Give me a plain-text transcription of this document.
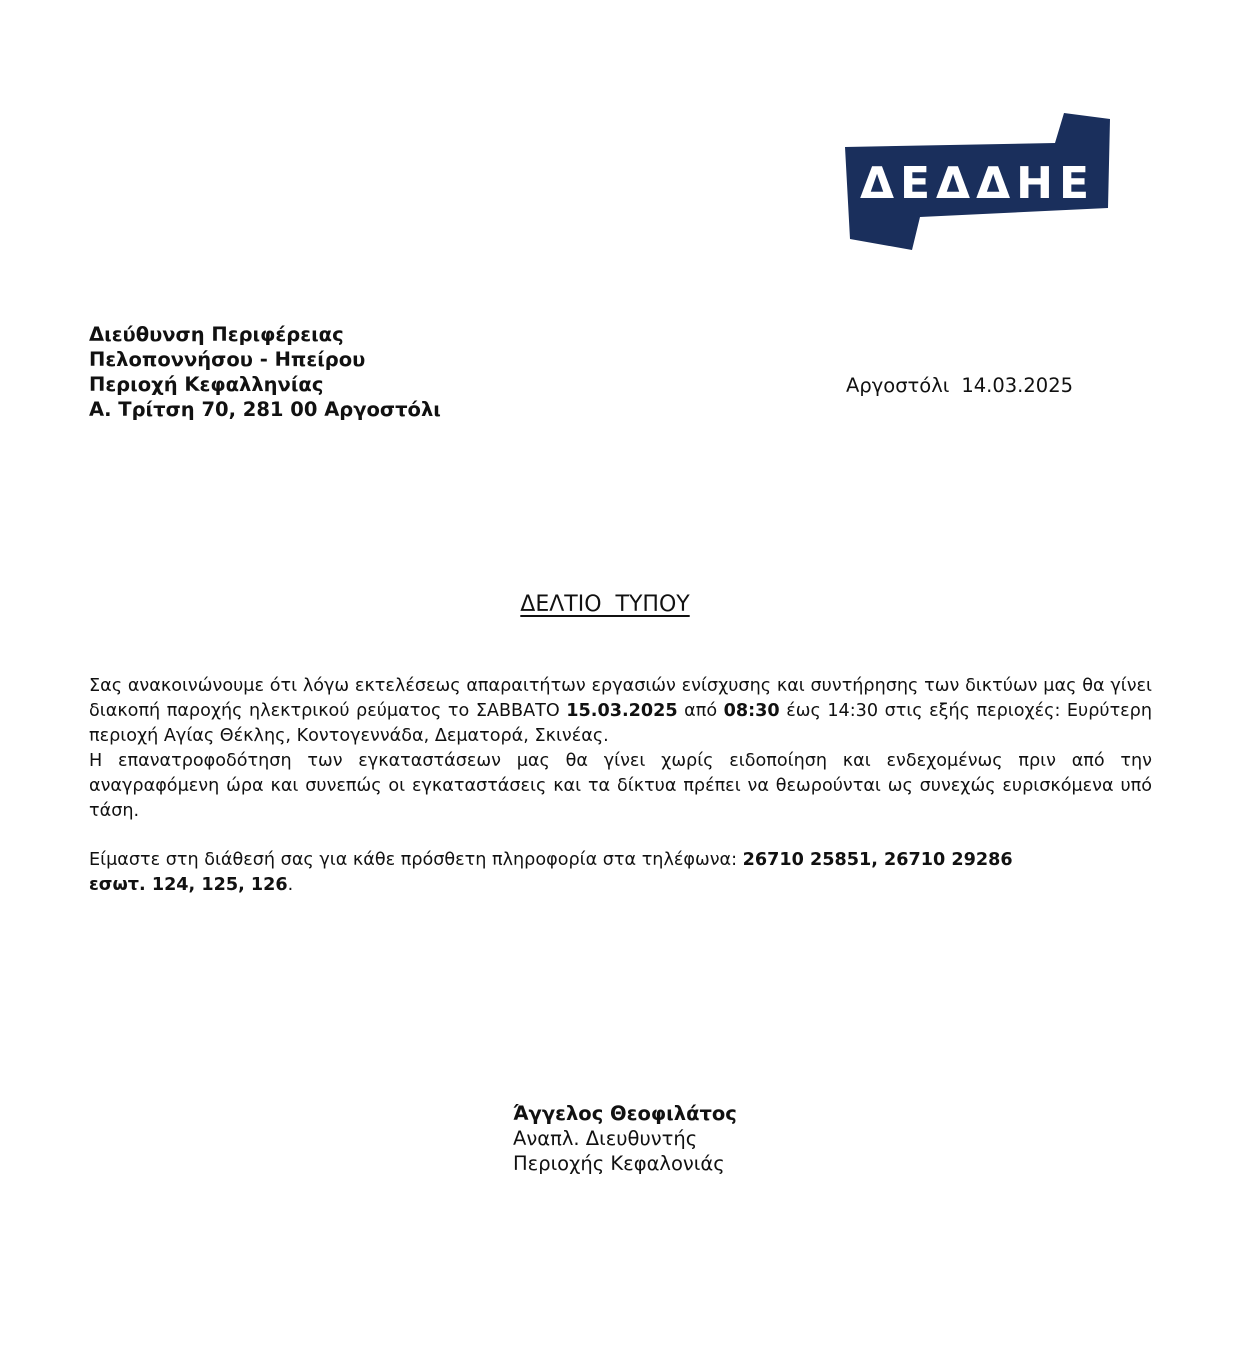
ΔΕΔΔΗΕ
Διεύθυνση Περιφέρειας
Πελοποννήσου - Ηπείρου
Περιοχή Κεφαλληνίας
Α. Τρίτση 70, 281 00 Αργοστόλι
Αργοστόλι 14.03.2025
ΔΕΛΤΙΟ  ΤΥΠΟΥ

Σας ανακοινώνουμε ότι λόγω εκτελέσεως απαραιτήτων εργασιών ενίσχυσης και συντήρησης των δικτύων μας θα γίνει διακοπή παροχής ηλεκτρικού ρεύματος το ΣΑΒΒΑΤΟ 15.03.2025 από 08:30 έως 14:30 στις εξής περιοχές: Ευρύτερη περιοχή Αγίας Θέκλης, Κοντογεννάδα, Δεματορά, Σκινέας.

Η επανατροφοδότηση των εγκαταστάσεων μας θα γίνει χωρίς ειδοποίηση και ενδεχομένως πριν από την αναγραφόμενη ώρα και συνεπώς οι εγκαταστάσεις και τα δίκτυα πρέπει να θεωρούνται ως συνεχώς ευρισκόμενα υπό τάση.

Είμαστε στη διάθεσή σας για κάθε πρόσθετη πληροφορία στα τηλέφωνα: 26710 25851, 26710 29286
εσωτ. 124, 125, 126.
Άγγελος Θεοφιλάτος
Αναπλ. Διευθυντής
Περιοχής Κεφαλονιάς
